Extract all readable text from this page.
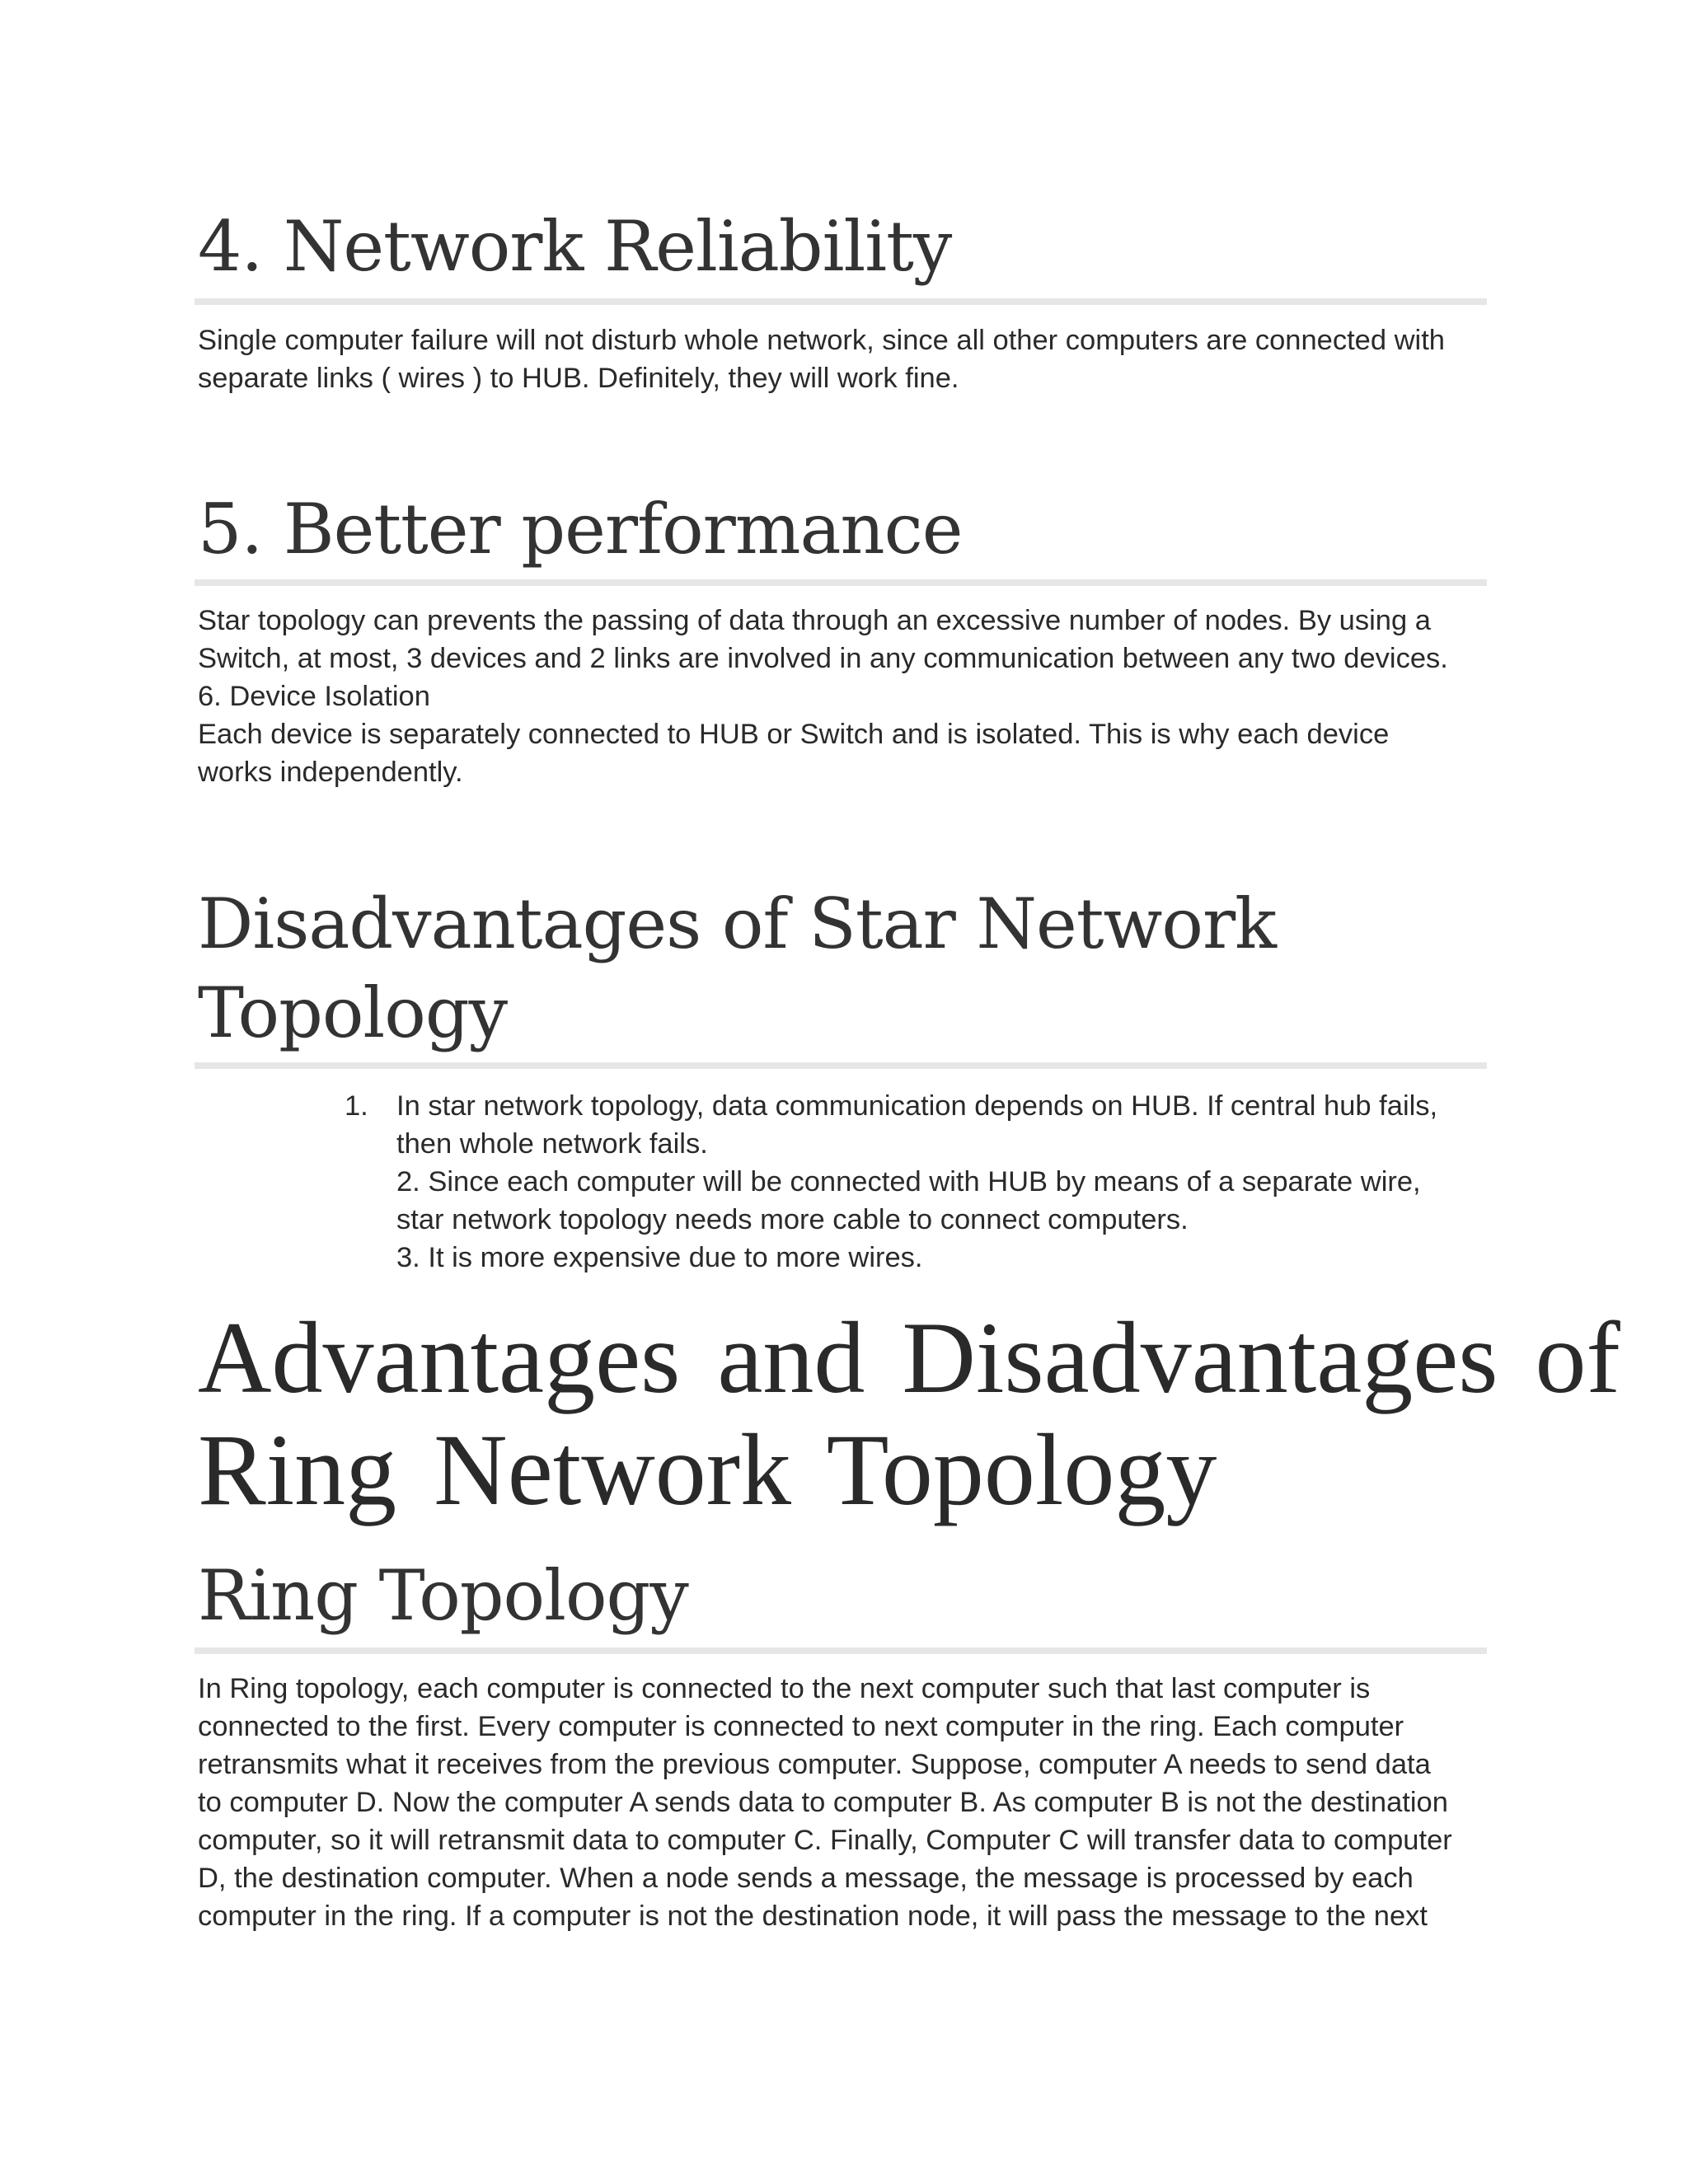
4. Network Reliability

Single computer failure will not disturb whole network, since all other computers are connected with
separate links ( wires ) to HUB. Definitely, they will work fine.

5. Better performance

Star topology can prevents the passing of data through an excessive number of nodes. By using a
Switch, at most, 3 devices and 2 links are involved in any communication between any two devices.
6. Device Isolation
Each device is separately connected to HUB or Switch and is isolated. This is why each device
works independently.

Disadvantages of Star Network
Topology
1. In star network topology, data communication depends on HUB. If central hub fails,
then whole network fails.
2. Since each computer will be connected with HUB by means of a separate wire,
star network topology needs more cable to connect computers.
3. It is more expensive due to more wires.
Advantages and Disadvantages of
Ring Network Topology
Ring Topology

In Ring topology, each computer is connected to the next computer such that last computer is
connected to the first. Every computer is connected to next computer in the ring. Each computer
retransmits what it receives from the previous computer. Suppose, computer A needs to send data
to computer D. Now the computer A sends data to computer B. As computer B is not the destination
computer, so it will retransmit data to computer C. Finally, Computer C will transfer data to computer
D, the destination computer. When a node sends a message, the message is processed by each
computer in the ring. If a computer is not the destination node, it will pass the message to the next
